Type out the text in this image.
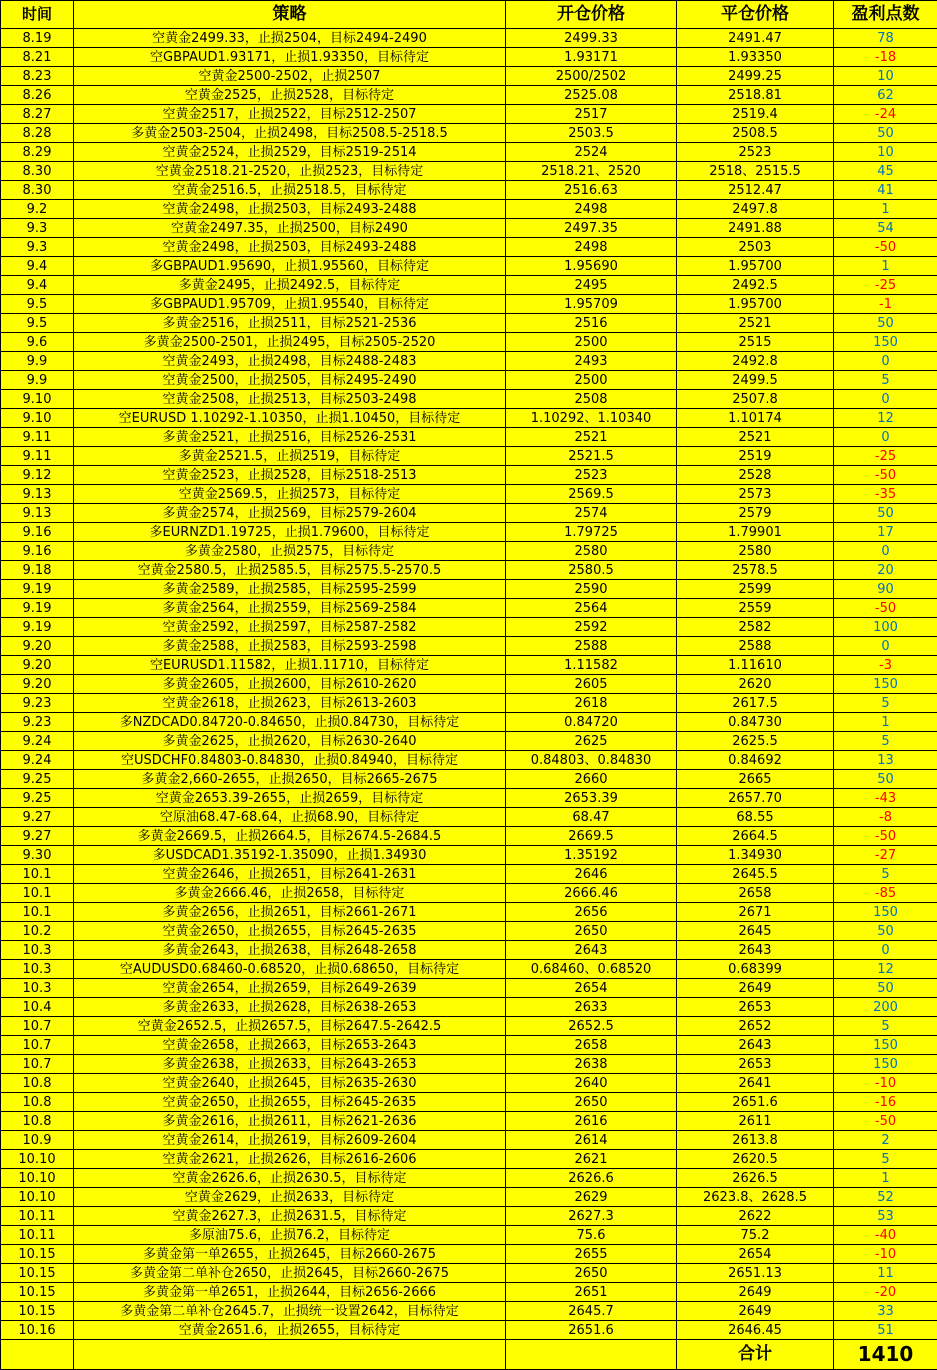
时间	策略	开仓价格	平仓价格	盈利点数
8.19	空黄金2499.33，止损2504，目标2494-2490	2499.33	2491.47	78
8.21	空GBPAUD1.93171，止损1.93350，目标待定	1.93171	1.93350	-18
8.23	空黄金2500-2502，止损2507	2500/2502	2499.25	10
8.26	空黄金2525，止损2528，目标待定	2525.08	2518.81	62
8.27	空黄金2517，止损2522，目标2512-2507	2517	2519.4	-24
8.28	多黄金2503-2504，止损2498，目标2508.5-2518.5	2503.5	2508.5	50
8.29	空黄金2524，止损2529，目标2519-2514	2524	2523	10
8.30	空黄金2518.21-2520，止损2523，目标待定	2518.21、2520	2518、2515.5	45
8.30	空黄金2516.5，止损2518.5，目标待定	2516.63	2512.47	41
9.2	空黄金2498，止损2503，目标2493-2488	2498	2497.8	1
9.3	空黄金2497.35，止损2500，目标2490	2497.35	2491.88	54
9.3	空黄金2498，止损2503，目标2493-2488	2498	2503	-50
9.4	多GBPAUD1.95690，止损1.95560，目标待定	1.95690	1.95700	1
9.4	多黄金2495，止损2492.5，目标待定	2495	2492.5	-25
9.5	多GBPAUD1.95709，止损1.95540，目标待定	1.95709	1.95700	-1
9.5	多黄金2516，止损2511，目标2521-2536	2516	2521	50
9.6	多黄金2500-2501，止损2495，目标2505-2520	2500	2515	150
9.9	空黄金2493，止损2498，目标2488-2483	2493	2492.8	0
9.9	空黄金2500，止损2505，目标2495-2490	2500	2499.5	5
9.10	空黄金2508，止损2513，目标2503-2498	2508	2507.8	0
9.10	空EURUSD 1.10292-1.10350，止损1.10450，目标待定	1.10292、1.10340	1.10174	12
9.11	多黄金2521，止损2516，目标2526-2531	2521	2521	0
9.11	多黄金2521.5，止损2519，目标待定	2521.5	2519	-25
9.12	空黄金2523，止损2528，目标2518-2513	2523	2528	-50
9.13	空黄金2569.5，止损2573，目标待定	2569.5	2573	-35
9.13	多黄金2574，止损2569，目标2579-2604	2574	2579	50
9.16	多EURNZD1.19725，止损1.79600，目标待定	1.79725	1.79901	17
9.16	多黄金2580，止损2575，目标待定	2580	2580	0
9.18	空黄金2580.5，止损2585.5，目标2575.5-2570.5	2580.5	2578.5	20
9.19	多黄金2589，止损2585，目标2595-2599	2590	2599	90
9.19	多黄金2564，止损2559，目标2569-2584	2564	2559	-50
9.19	空黄金2592，止损2597，目标2587-2582	2592	2582	100
9.20	多黄金2588，止损2583，目标2593-2598	2588	2588	0
9.20	空EURUSD1.11582，止损1.11710，目标待定	1.11582	1.11610	-3
9.20	多黄金2605，止损2600，目标2610-2620	2605	2620	150
9.23	空黄金2618，止损2623，目标2613-2603	2618	2617.5	5
9.23	多NZDCAD0.84720-0.84650，止损0.84730，目标待定	0.84720	0.84730	1
9.24	多黄金2625，止损2620，目标2630-2640	2625	2625.5	5
9.24	空USDCHF0.84803-0.84830，止损0.84940，目标待定	0.84803、0.84830	0.84692	13
9.25	多黄金2,660-2655，止损2650，目标2665-2675	2660	2665	50
9.25	空黄金2653.39-2655，止损2659，目标待定	2653.39	2657.70	-43
9.27	空原油68.47-68.64，止损68.90，目标待定	68.47	68.55	-8
9.27	多黄金2669.5，止损2664.5，目标2674.5-2684.5	2669.5	2664.5	-50
9.30	多USDCAD1.35192-1.35090，止损1.34930	1.35192	1.34930	-27
10.1	空黄金2646，止损2651，目标2641-2631	2646	2645.5	5
10.1	多黄金2666.46，止损2658，目标待定	2666.46	2658	-85
10.1	多黄金2656，止损2651，目标2661-2671	2656	2671	150
10.2	空黄金2650，止损2655，目标2645-2635	2650	2645	50
10.3	多黄金2643，止损2638，目标2648-2658	2643	2643	0
10.3	空AUDUSD0.68460-0.68520，止损0.68650，目标待定	0.68460、0.68520	0.68399	12
10.3	空黄金2654，止损2659，目标2649-2639	2654	2649	50
10.4	多黄金2633，止损2628，目标2638-2653	2633	2653	200
10.7	空黄金2652.5，止损2657.5，目标2647.5-2642.5	2652.5	2652	5
10.7	空黄金2658，止损2663，目标2653-2643	2658	2643	150
10.7	多黄金2638，止损2633，目标2643-2653	2638	2653	150
10.8	空黄金2640，止损2645，目标2635-2630	2640	2641	-10
10.8	空黄金2650，止损2655，目标2645-2635	2650	2651.6	-16
10.8	多黄金2616，止损2611，目标2621-2636	2616	2611	-50
10.9	空黄金2614，止损2619，目标2609-2604	2614	2613.8	2
10.10	空黄金2621，止损2626，目标2616-2606	2621	2620.5	5
10.10	空黄金2626.6，止损2630.5，目标待定	2626.6	2626.5	1
10.10	空黄金2629，止损2633，目标待定	2629	2623.8、2628.5	52
10.11	空黄金2627.3，止损2631.5，目标待定	2627.3	2622	53
10.11	多原油75.6，止损76.2，目标待定	75.6	75.2	-40
10.15	多黄金第一单2655，止损2645，目标2660-2675	2655	2654	-10
10.15	多黄金第二单补仓2650，止损2645，目标2660-2675	2650	2651.13	11
10.15	多黄金第一单2651，止损2644，目标2656-2666	2651	2649	-20
10.15	多黄金第二单补仓2645.7，止损统一设置2642，目标待定	2645.7	2649	33
10.16	空黄金2651.6，止损2655，目标待定	2651.6	2646.45	51
			合计	1410
